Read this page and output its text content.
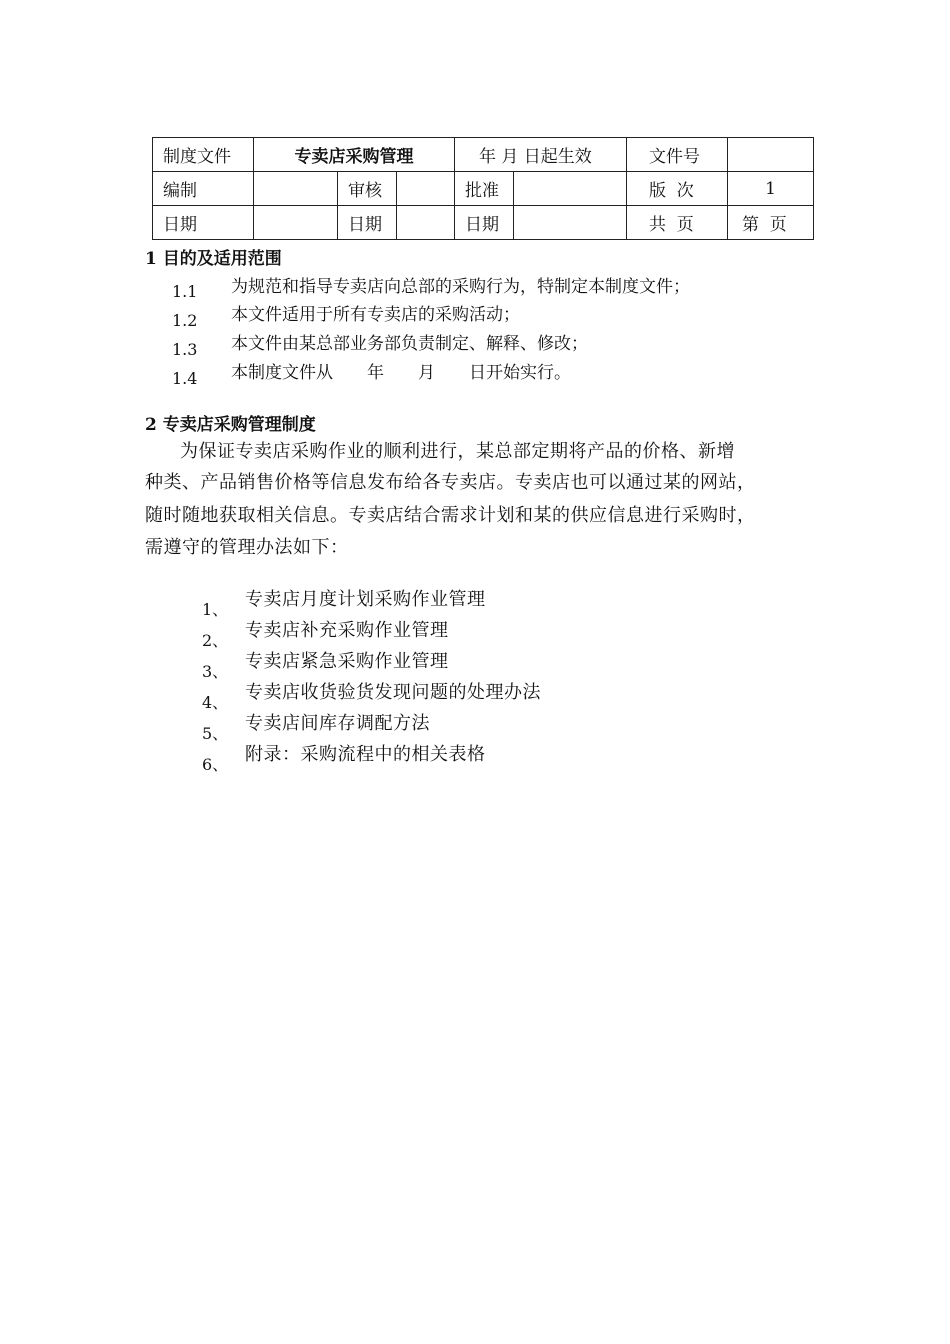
制度文件	专卖店采购管理			年 月 日起生效		文件号	
编制		审核		批准		版  次	1
日期		日期		日期		共  页	第  页
1 目的及适用范围
1.1 为规范和指导专卖店向总部的采购行为，特制定本制度文件；
1.2 本文件适用于所有专卖店的采购活动；
1.3 本文件由某总部业务部负责制定、解释、修改；
1.4 本制度文件从　　年　　月　　日开始实行。
2 专卖店采购管理制度
为保证专卖店采购作业的顺利进行，某总部定期将产品的价格、新增
种类、产品销售价格等信息发布给各专卖店。专卖店也可以通过某的网站，
随时随地获取相关信息。专卖店结合需求计划和某的供应信息进行采购时，
需遵守的管理办法如下：
1、 专卖店月度计划采购作业管理
2、 专卖店补充采购作业管理
3、 专卖店紧急采购作业管理
4、 专卖店收货验货发现问题的处理办法
5、 专卖店间库存调配方法
6、 附录：采购流程中的相关表格
